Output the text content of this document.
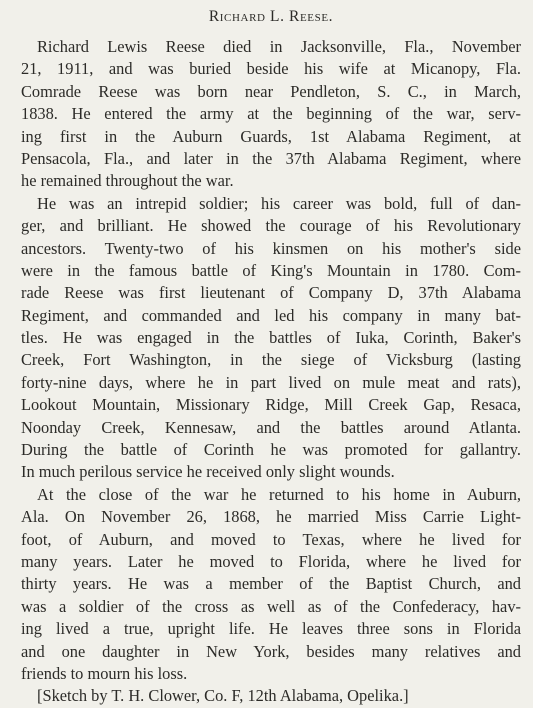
Richard L. Reese.
Richard Lewis Reese died in Jacksonville, Fla., November
21, 1911, and was buried beside his wife at Micanopy, Fla.
Comrade Reese was born near Pendleton, S. C., in March,
1838. He entered the army at the beginning of the war, serv-
ing first in the Auburn Guards, 1st Alabama Regiment, at
Pensacola, Fla., and later in the 37th Alabama Regiment, where
he remained throughout the war.
He was an intrepid soldier; his career was bold, full of dan-
ger, and brilliant. He showed the courage of his Revolutionary
ancestors. Twenty-two of his kinsmen on his mother's side
were in the famous battle of King's Mountain in 1780. Com-
rade Reese was first lieutenant of Company D, 37th Alabama
Regiment, and commanded and led his company in many bat-
tles. He was engaged in the battles of Iuka, Corinth, Baker's
Creek, Fort Washington, in the siege of Vicksburg (lasting
forty-nine days, where he in part lived on mule meat and rats),
Lookout Mountain, Missionary Ridge, Mill Creek Gap, Resaca,
Noonday Creek, Kennesaw, and the battles around Atlanta.
During the battle of Corinth he was promoted for gallantry.
In much perilous service he received only slight wounds.
At the close of the war he returned to his home in Auburn,
Ala. On November 26, 1868, he married Miss Carrie Light-
foot, of Auburn, and moved to Texas, where he lived for
many years. Later he moved to Florida, where he lived for
thirty years. He was a member of the Baptist Church, and
was a soldier of the cross as well as of the Confederacy, hav-
ing lived a true, upright life. He leaves three sons in Florida
and one daughter in New York, besides many relatives and
friends to mourn his loss.
[Sketch by T. H. Clower, Co. F, 12th Alabama, Opelika.]
